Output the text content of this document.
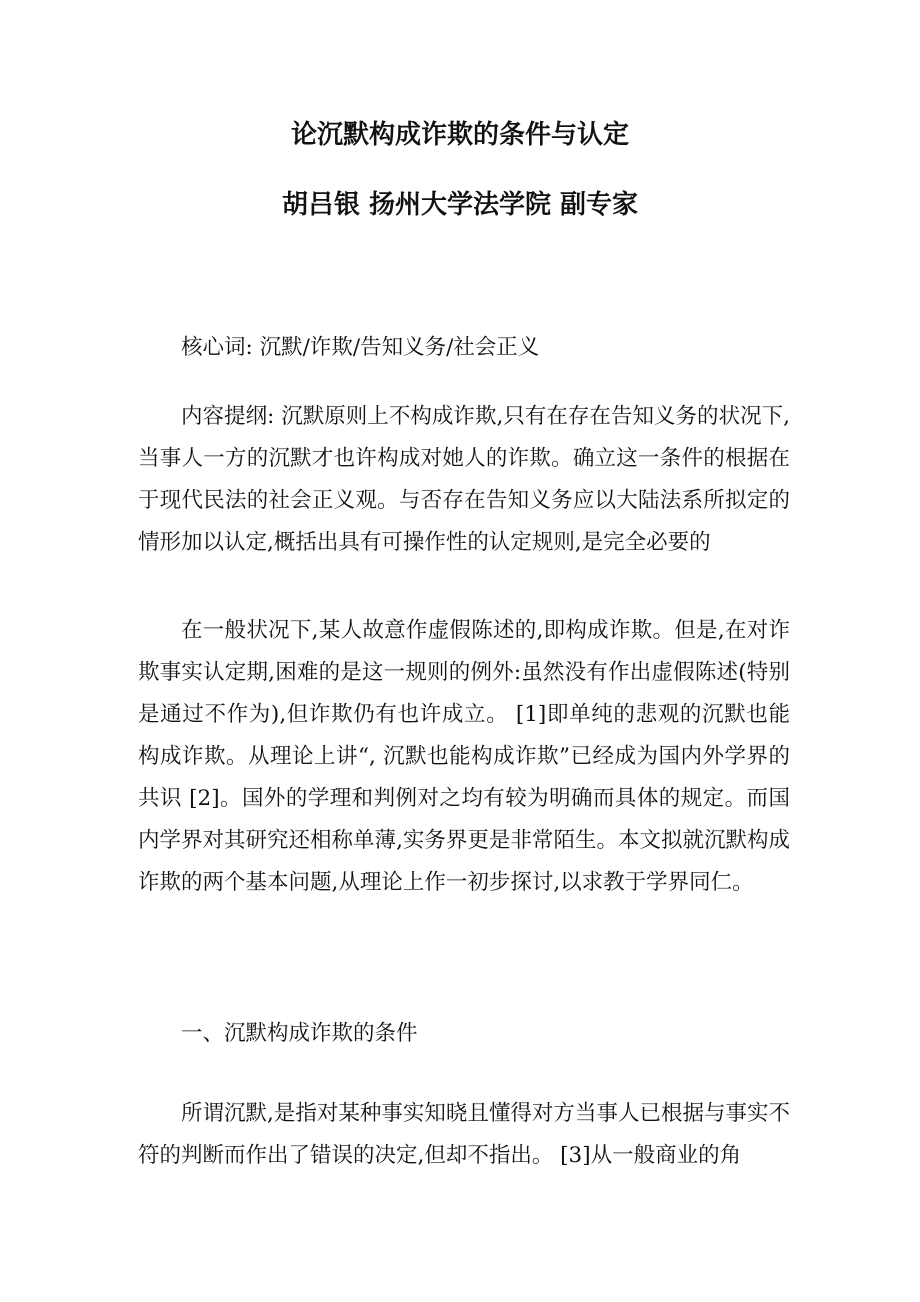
论沉默构成诈欺的条件与认定
胡吕银 扬州大学法学院 副专家

核心词: 沉默/诈欺/告知义务/社会正义

内容提纲: 沉默原则上不构成诈欺,只有在存在告知义务的状况下,当事人一方的沉默才也许构成对她人的诈欺。确立这一条件的根据在于现代民法的社会正义观。与否存在告知义务应以大陆法系所拟定的情形加以认定,概括出具有可操作性的认定规则,是完全必要的

在一般状况下,某人故意作虚假陈述的,即构成诈欺。但是,在对诈欺事实认定期,困难的是这一规则的例外:虽然没有作出虚假陈述(特别是通过不作为),但诈欺仍有也许成立。 [1]即单纯的悲观的沉默也能构成诈欺。从理论上讲“, 沉默也能构成诈欺”已经成为国内外学界的共识 [2]。国外的学理和判例对之均有较为明确而具体的规定。而国内学界对其研究还相称单薄,实务界更是非常陌生。本文拟就沉默构成诈欺的两个基本问题,从理论上作一初步探讨,以求教于学界同仁。

一、沉默构成诈欺的条件

所谓沉默,是指对某种事实知晓且懂得对方当事人已根据与事实不符的判断而作出了错误的决定,但却不指出。 [3]从一般商业的角
